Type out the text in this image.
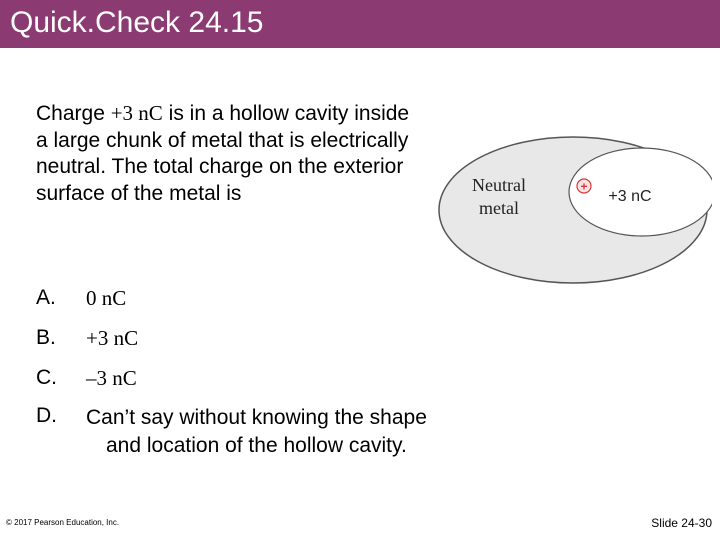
Quick.Check 24.15
Charge +3 nC is in a hollow cavity inside a large chunk of metal that is electrically neutral. The total charge on the exterior surface of the metal is	Neutral
metal
+
+3 nC
A. 0 nC
B. +3 nC
C. –3 nC
D. Can’t say without knowing the shape
and location of the hollow cavity.
© 2017 Pearson Education, Inc.	Slide 24-30
